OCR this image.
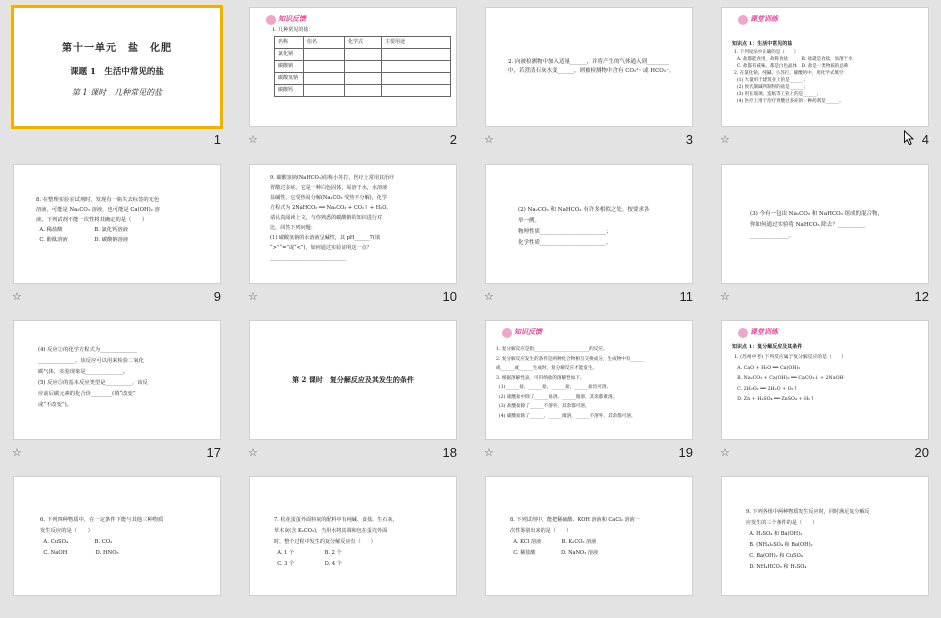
第十一单元　盐　化肥
课题 1　生活中常见的盐
第 1 课时　几种常见的盐
1
知识反馈
1. 几种常见的盐：
名称	俗名	化学式	主要用途
氯化钠			
碳酸钠			
碳酸氢钠			
碳酸钙			
☆	2
2. 向被检测物中加入适量______，并将产生的气体通入到________
中，若澄清石灰水变______，则被检测物中含有 CO₃²⁻ 或 HCO₃⁻。
☆	3
课堂训练
知识点 1：生活中常见的盐
1. 下列说法中正确的是（　　）
A. 盐都能食用，故称食盐　　　B. 盐就是食盐，易溶于水
C. 盐都有咸味，都是白色晶体　D. 盐是一类物质的总称
2. 在氯化钠、纯碱、小苏打、碳酸钙中，用化学式填空：
(1) 大量用于建筑业上的是______；
(2) 侯氏制碱所制得的盐是______；
(3) 用在玻璃、造纸等工业上的是______；
(4) 医疗上用于治疗胃酸过多症的一种药剂是______。
☆	4
8. 在整理实验室试剂时，发现有一瓶失去标签的无色
溶液，可能是 Na₂CO₃ 溶液，也可能是 Ca(OH)₂ 溶
液。下列试剂不能一次性将其确定的是（　　）
A. 稀盐酸　　　　　　B. 氯化钙溶液
C. 酚酞溶液　　　　　D. 碳酸钠溶液
☆	9
9. 碳酸氢钠(NaHCO₃)俗称小苏打，医疗上常用其治疗
胃酸过多症。它是一种白色固体，易溶于水，水溶液
显碱性，它受热易分解(Na₂CO₃ 受热不分解)，化学
方程式为 2NaHCO₃ ══ Na₂CO₃ + CO₂↑ + H₂O。
请认真阅读上文，与你熟悉的碳酸钠的知识进行对
比，回答下列问题：
(1) 碳酸氢钠的水溶液呈碱性，其 pH______7(填
“>”“=”或“<”)，如何通过实验证明这一点？
______________________________
☆	10
(2) Na₂CO₃ 和 NaHCO₃ 有许多相似之处。按要求各
举一例。
物理性质________________________；
化学性质________________________。
☆	11
(3) 今有一包由 Na₂CO₃ 和 NaHCO₃ 组成的混合物，
你如何通过实验将 NaHCO₃ 除去？__________
______________。
☆	12
(4) 反应②的化学方程式为______________
______________，该反应可以用来检验二氧化
碳气体，实验现象是______________。
(5) 反应⑤的基本反应类型是__________，该反
应前后碳元素的化合价________(填“改变”
或“不改变”)。
☆	17
第 2 课时　复分解反应及其发生的条件
☆	18
知识反馈
1. 复分解反应是指________________________的反应。
2. 复分解反应发生的条件是两种化合物相互交换成分，生成物中有______
或______或______生成时，复分解反应才能发生。
3. 根据溶解性表，可归纳盐的溶解性如下。
(1)______盐、______盐、______盐、______盐均可溶。
(2) 硫酸盐中除了______易溶、______微溶，其余都难溶。
(3) 盐酸盐除了______不溶外，其余都可溶。
(4) 碳酸盐除了______、______微溶，______不溶外，其余都可溶。
☆	19
课堂训练
知识点 1：复分解反应及其条件
1. (苏州中考) 下列反应属于复分解反应的是（　　）
A. CaO + H₂O ══ Ca(OH)₂
B. Na₂CO₃ + Ca(OH)₂ ══ CaCO₃↓ + 2NaOH
C. 2H₂O₂ ══ 2H₂O + O₂↑
D. Zn + H₂SO₄ ══ ZnSO₄ + H₂↑
☆	20
6. 下列四种物质中，在一定条件下能与其他三种物质
发生反应的是（　　）
A. CuSO₄　　　　　B. CO₂
C. NaOH　　　　　 D. HNO₃
7. 松花蛋蛋外面料灰的配料中有纯碱、食盐、生石灰、
草木灰(含 K₂CO₃)，当用水将其调和包在蛋壳外面
时，整个过程中发生的复分解反应有（　　）
A. 1 个　　　　　　B. 2 个
C. 3 个　　　　　　D. 4 个
8. 下列试剂中，能把稀硫酸、KOH 溶液和 CaCl₂ 溶液一
次性鉴别出来的是（　　）
A. KCl 溶液　　　　B. K₂CO₃ 溶液
C. 稀盐酸　　　　　D. NaNO₃ 溶液
9. 下列各组中两种物质发生反应时，同时满足复分解反
应发生的三个条件的是（　　）
A. H₂SO₄ 和 Ba(OH)₂
B. (NH₄)₂SO₄ 和 Ba(OH)₂
C. Ba(OH)₂ 和 CuSO₄
D. NH₄HCO₃ 和 H₂SO₄
